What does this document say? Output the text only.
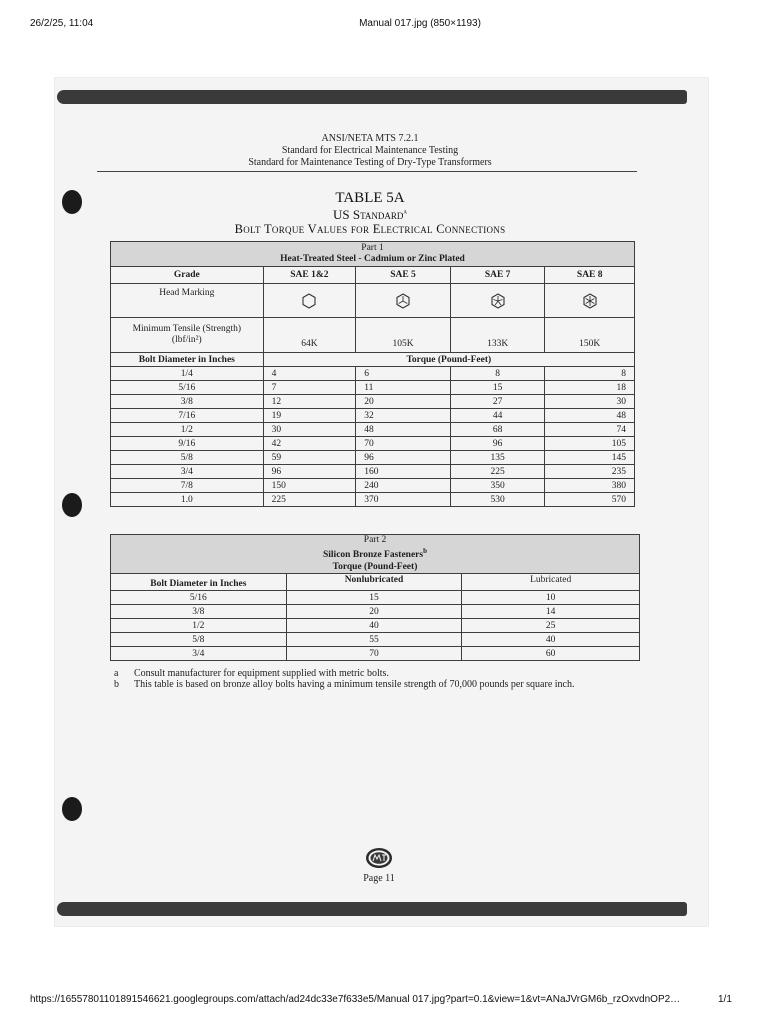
26/2/25, 11:04	Manual 017.jpg (850×1193)
https://16557801101891546621.googlegroups.com/attach/ad24dc33e7f633e5/Manual 017.jpg?part=0.1&view=1&vt=ANaJVrGM6b_rzOxvdnOP2…	1/1
ANSI/NETA MTS 7.2.1
Standard for Electrical Maintenance Testing
Standard for Maintenance Testing of Dry-Type Transformers
TABLE 5A
US Standard$^a$
Bolt Torque Values for Electrical Connections
Part 1
Heat-Treated Steel - Cadmium or Zinc Plated				

Grade	SAE 1&2	SAE 5	SAE 7	SAE 8
Head Marking				

Minimum Tensile (Strength)
(lbf/in²)	64K	105K	133K	150K
Bolt Diameter in Inches	Torque (Pound-Feet)			
1/4	4	6	8	8
5/16	7	11	15	18
3/8	12	20	27	30
7/16	19	32	44	48
1/2	30	48	68	74
9/16	42	70	96	105
5/8	59	96	135	145
3/4	96	160	225	235
7/8	150	240	350	380
1.0	225	370	530	570
Part 2
Silicon Bronze Fasteners$^b$
Torque (Pound-Feet)		

Bolt Diameter in Inches	Nonlubricated	Lubricated
5/16	15	10
3/8	20	14
1/2	40	25
5/8	55	40
3/4	70	60
a Consult manufacturer for equipment supplied with metric bolts.
b This table is based on bronze alloy bolts having a minimum tensile strength of 70,000 pounds per square inch.
Page 11
